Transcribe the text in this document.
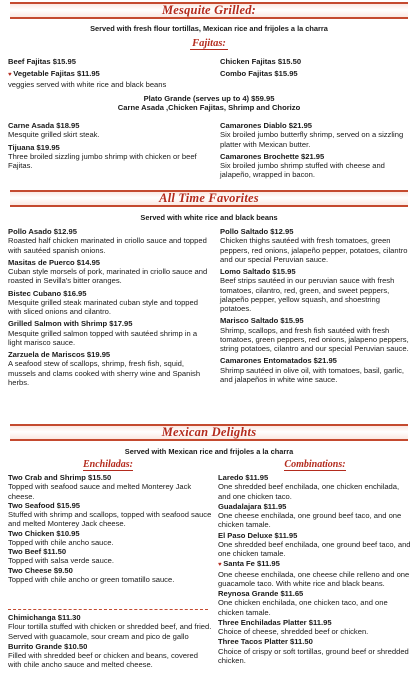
Mesquite Grilled:
Served with fresh flour tortillas, Mexican rice and frijoles a la charra
Fajitas:
Beef Fajitas $15.95
♥ Vegetable Fajitas $11.95
veggies served with white rice and black beans
Chicken Fajitas $15.50
Combo Fajitas $15.95
Plato Grande (serves up to 4) $59.95
Carne Asada ,Chicken Fajitas, Shrimp and Chorizo
Carne Asada $18.95
Mesquite grilled skirt steak.
Tijuana $19.95
Three broiled sizzling jumbo shrimp with chicken or beef Fajitas.
Camarones Diablo $21.95
Six broiled jumbo butterfly shrimp, served on a sizzling platter with Mexican butter.
Camarones Brochette $21.95
Six broiled jumbo shrimp stuffed with cheese and jalapeño, wrapped in bacon.
All Time Favorites
Served with white rice and black beans
Pollo Asado $12.95
Roasted half chicken marinated in criollo sauce and topped with sautéed spanish onions.
Masitas de Puerco $14.95
Cuban style morsels of pork, marinated in criollo sauce and roasted in Sevilla's bitter oranges.
Bistec Cubano $16.95
Mesquite grilled steak marinated cuban style and topped with sliced onions and cilantro.
Grilled Salmon with Shrimp $17.95
Mesquite grilled salmon topped with sautéed shrimp in a light marisco sauce.
Zarzuela de Mariscos $19.95
A seafood stew of scallops, shrimp, fresh fish, squid, mussels and clams cooked with sherry wine and Spanish herbs.
Pollo Saltado $12.95
Chicken thighs sautéed with fresh tomatoes, green peppers, red onions, jalapeño pepper, potatoes, cilantro and our special Peruvian sauce.
Lomo Saltado $15.95
Beef strips sautéed in our peruvian sauce with fresh tomatoes, cilantro, red, green, and sweet peppers, jalapeño pepper, yellow squash, and shoestring potatoes.
Marisco Saltado $15.95
Shrimp, scallops, and fresh fish sautéed with fresh tomatoes, green peppers, red onions, jalapeno peppers, string potatoes, cilantro and our special Peruvian sauce.
Camarones Entomatados $21.95
Shrimp sautéed in olive oil, with tomatoes, basil, garlic, and jalapeños in white wine sauce.
Mexican Delights
Served with Mexican rice and frijoles a la charra
Enchiladas:	Combinations:
Two Crab and Shrimp $15.50
Topped with seafood sauce and melted Monterey Jack cheese.
Two Seafood $15.95
Stuffed with shrimp and scallops, topped with seafood sauce and melted Monterey Jack cheese.
Two Chicken $10.95
Topped with chile ancho sauce.
Two Beef $11.50
Topped with salsa verde sauce.
Two Cheese $9.50
Topped with chile ancho or green tomatillo sauce.
Chimichanga $11.30
Flour tortilla stuffed with chicken or shredded beef, and fried. Served with guacamole, sour cream and pico de gallo
Burrito Grande $10.50
Filled with shredded beef or chicken and beans, covered with chile ancho sauce and melted cheese.
Laredo $11.95
One shredded beef enchilada, one chicken enchilada, and one chicken taco.
Guadalajara $11.95
One cheese enchilada, one ground beef taco, and one chicken tamale.
El Paso Deluxe $11.95
One shredded beef enchilada, one ground beef taco, and one chicken tamale.
♥ Santa Fe $11.95
One cheese enchilada, one cheese chile relleno and one guacamole taco. With white rice and black beans.
Reynosa Grande $11.65
One chicken enchilada, one chicken taco, and one chicken tamale.
Three Enchiladas Platter $11.95
Choice of cheese, shredded beef or chicken.
Three Tacos Platter $11.50
Choice of crispy or soft tortillas, ground beef or shredded chicken.
